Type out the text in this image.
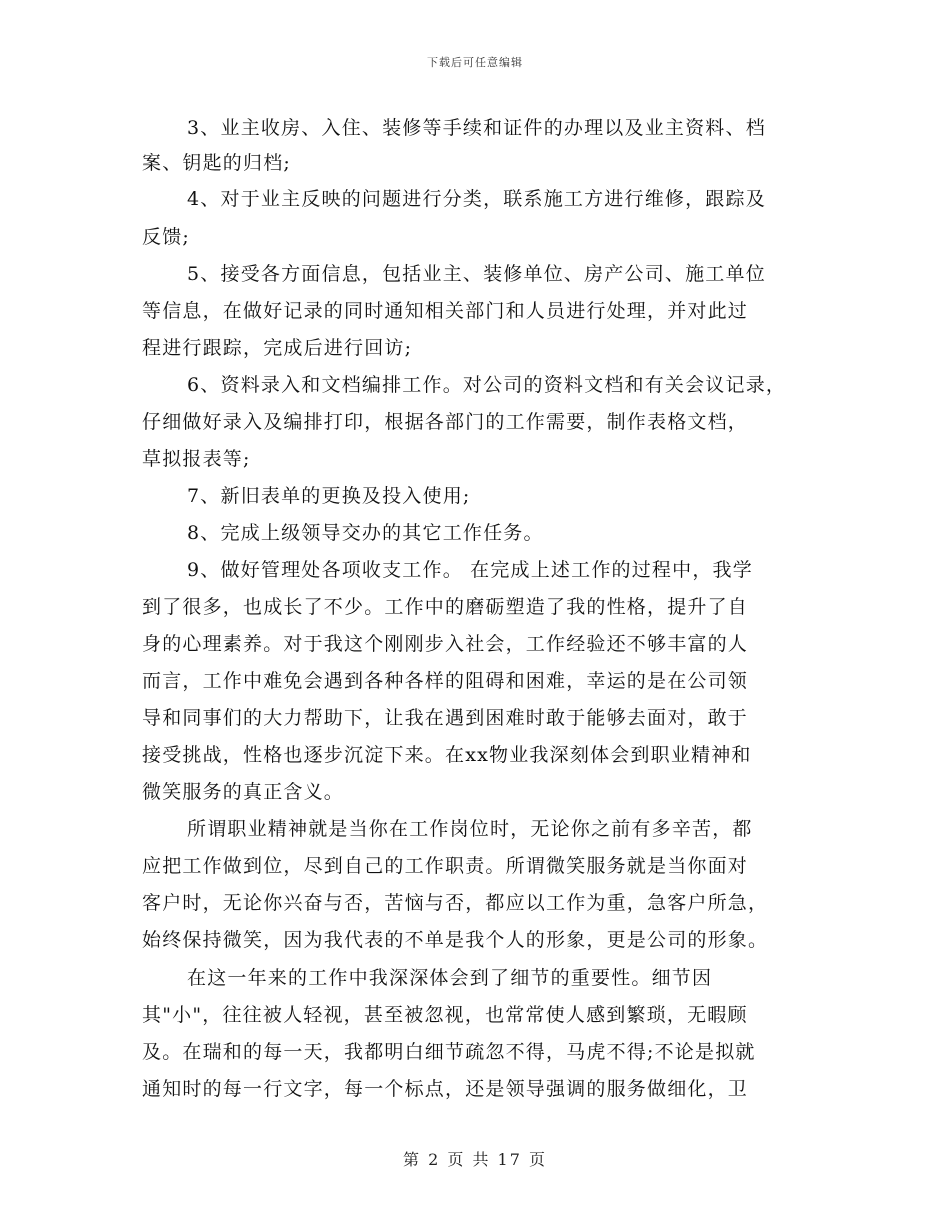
下载后可任意编辑
3、业主收房、入住、装修等手续和证件的办理以及业主资料、档
案、钥匙的归档;
4、对于业主反映的问题进行分类，联系施工方进行维修，跟踪及
反馈;
5、接受各方面信息，包括业主、装修单位、房产公司、施工单位
等信息，在做好记录的同时通知相关部门和人员进行处理，并对此过
程进行跟踪，完成后进行回访;
6、资料录入和文档编排工作。对公司的资料文档和有关会议记录，
仔细做好录入及编排打印，根据各部门的工作需要，制作表格文档，
草拟报表等;
7、新旧表单的更换及投入使用;
8、完成上级领导交办的其它工作任务。
9、做好管理处各项收支工作。 在完成上述工作的过程中，我学
到了很多，也成长了不少。工作中的磨砺塑造了我的性格，提升了自
身的心理素养。对于我这个刚刚步入社会，工作经验还不够丰富的人
而言，工作中难免会遇到各种各样的阻碍和困难，幸运的是在公司领
导和同事们的大力帮助下，让我在遇到困难时敢于能够去面对，敢于
接受挑战，性格也逐步沉淀下来。在xx物业我深刻体会到职业精神和
微笑服务的真正含义。
所谓职业精神就是当你在工作岗位时，无论你之前有多辛苦，都
应把工作做到位，尽到自己的工作职责。所谓微笑服务就是当你面对
客户时，无论你兴奋与否，苦恼与否，都应以工作为重，急客户所急，
始终保持微笑，因为我代表的不单是我个人的形象，更是公司的形象。
在这一年来的工作中我深深体会到了细节的重要性。细节因
其"小"，往往被人轻视，甚至被忽视，也常常使人感到繁琐，无暇顾
及。在瑞和的每一天，我都明白细节疏忽不得，马虎不得;不论是拟就
通知时的每一行文字，每一个标点，还是领导强调的服务做细化，卫
第 2 页 共 17 页
